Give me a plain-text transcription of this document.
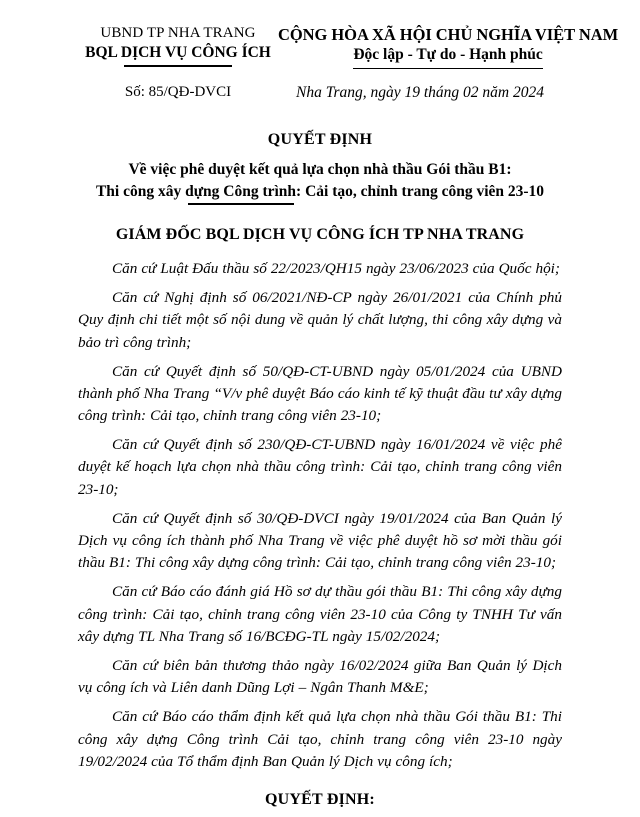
UBND TP NHA TRANG
BQL DỊCH VỤ CÔNG ÍCH
CỘNG HÒA XÃ HỘI CHỦ NGHĨA VIỆT NAM
Độc lập - Tự do - Hạnh phúc
Số: 85/QĐ-DVCI	Nha Trang, ngày 19 tháng 02 năm 2024
QUYẾT ĐỊNH
Về việc phê duyệt kết quả lựa chọn nhà thầu Gói thầu B1:
Thi công xây dựng Công trình: Cải tạo, chỉnh trang công viên 23-10
GIÁM ĐỐC BQL DỊCH VỤ CÔNG ÍCH TP NHA TRANG

Căn cứ Luật Đấu thầu số 22/2023/QH15 ngày 23/06/2023 của Quốc hội;

Căn cứ Nghị định số 06/2021/NĐ-CP ngày 26/01/2021 của Chính phủ Quy định chi tiết một số nội dung về quản lý chất lượng, thi công xây dựng và bảo trì công trình;

Căn cứ Quyết định số 50/QĐ-CT-UBND ngày 05/01/2024 của UBND thành phố Nha Trang “V/v phê duyệt Báo cáo kinh tế kỹ thuật đầu tư xây dựng công trình: Cải tạo, chỉnh trang công viên 23-10;

Căn cứ Quyết định số 230/QĐ-CT-UBND ngày 16/01/2024 về việc phê duyệt kế hoạch lựa chọn nhà thầu công trình: Cải tạo, chỉnh trang công viên 23-10;

Căn cứ Quyết định số 30/QĐ-DVCI ngày 19/01/2024 của Ban Quản lý Dịch vụ công ích thành phố Nha Trang về việc phê duyệt hồ sơ mời thầu gói thầu B1: Thi công xây dựng công trình: Cải tạo, chỉnh trang công viên 23-10;

Căn cứ Báo cáo đánh giá Hồ sơ dự thầu gói thầu B1: Thi công xây dựng công trình: Cải tạo, chỉnh trang công viên 23-10 của Công ty TNHH Tư vấn xây dựng TL Nha Trang số 16/BCĐG-TL ngày 15/02/2024;

Căn cứ biên bản thương thảo ngày 16/02/2024 giữa Ban Quản lý Dịch vụ công ích và Liên danh Dũng Lợi – Ngân Thanh M&E;

Căn cứ Báo cáo thẩm định kết quả lựa chọn nhà thầu Gói thầu B1: Thi công xây dựng Công trình Cải tạo, chỉnh trang công viên 23-10 ngày 19/02/2024 của Tổ thẩm định Ban Quản lý Dịch vụ công ích;

QUYẾT ĐỊNH:
